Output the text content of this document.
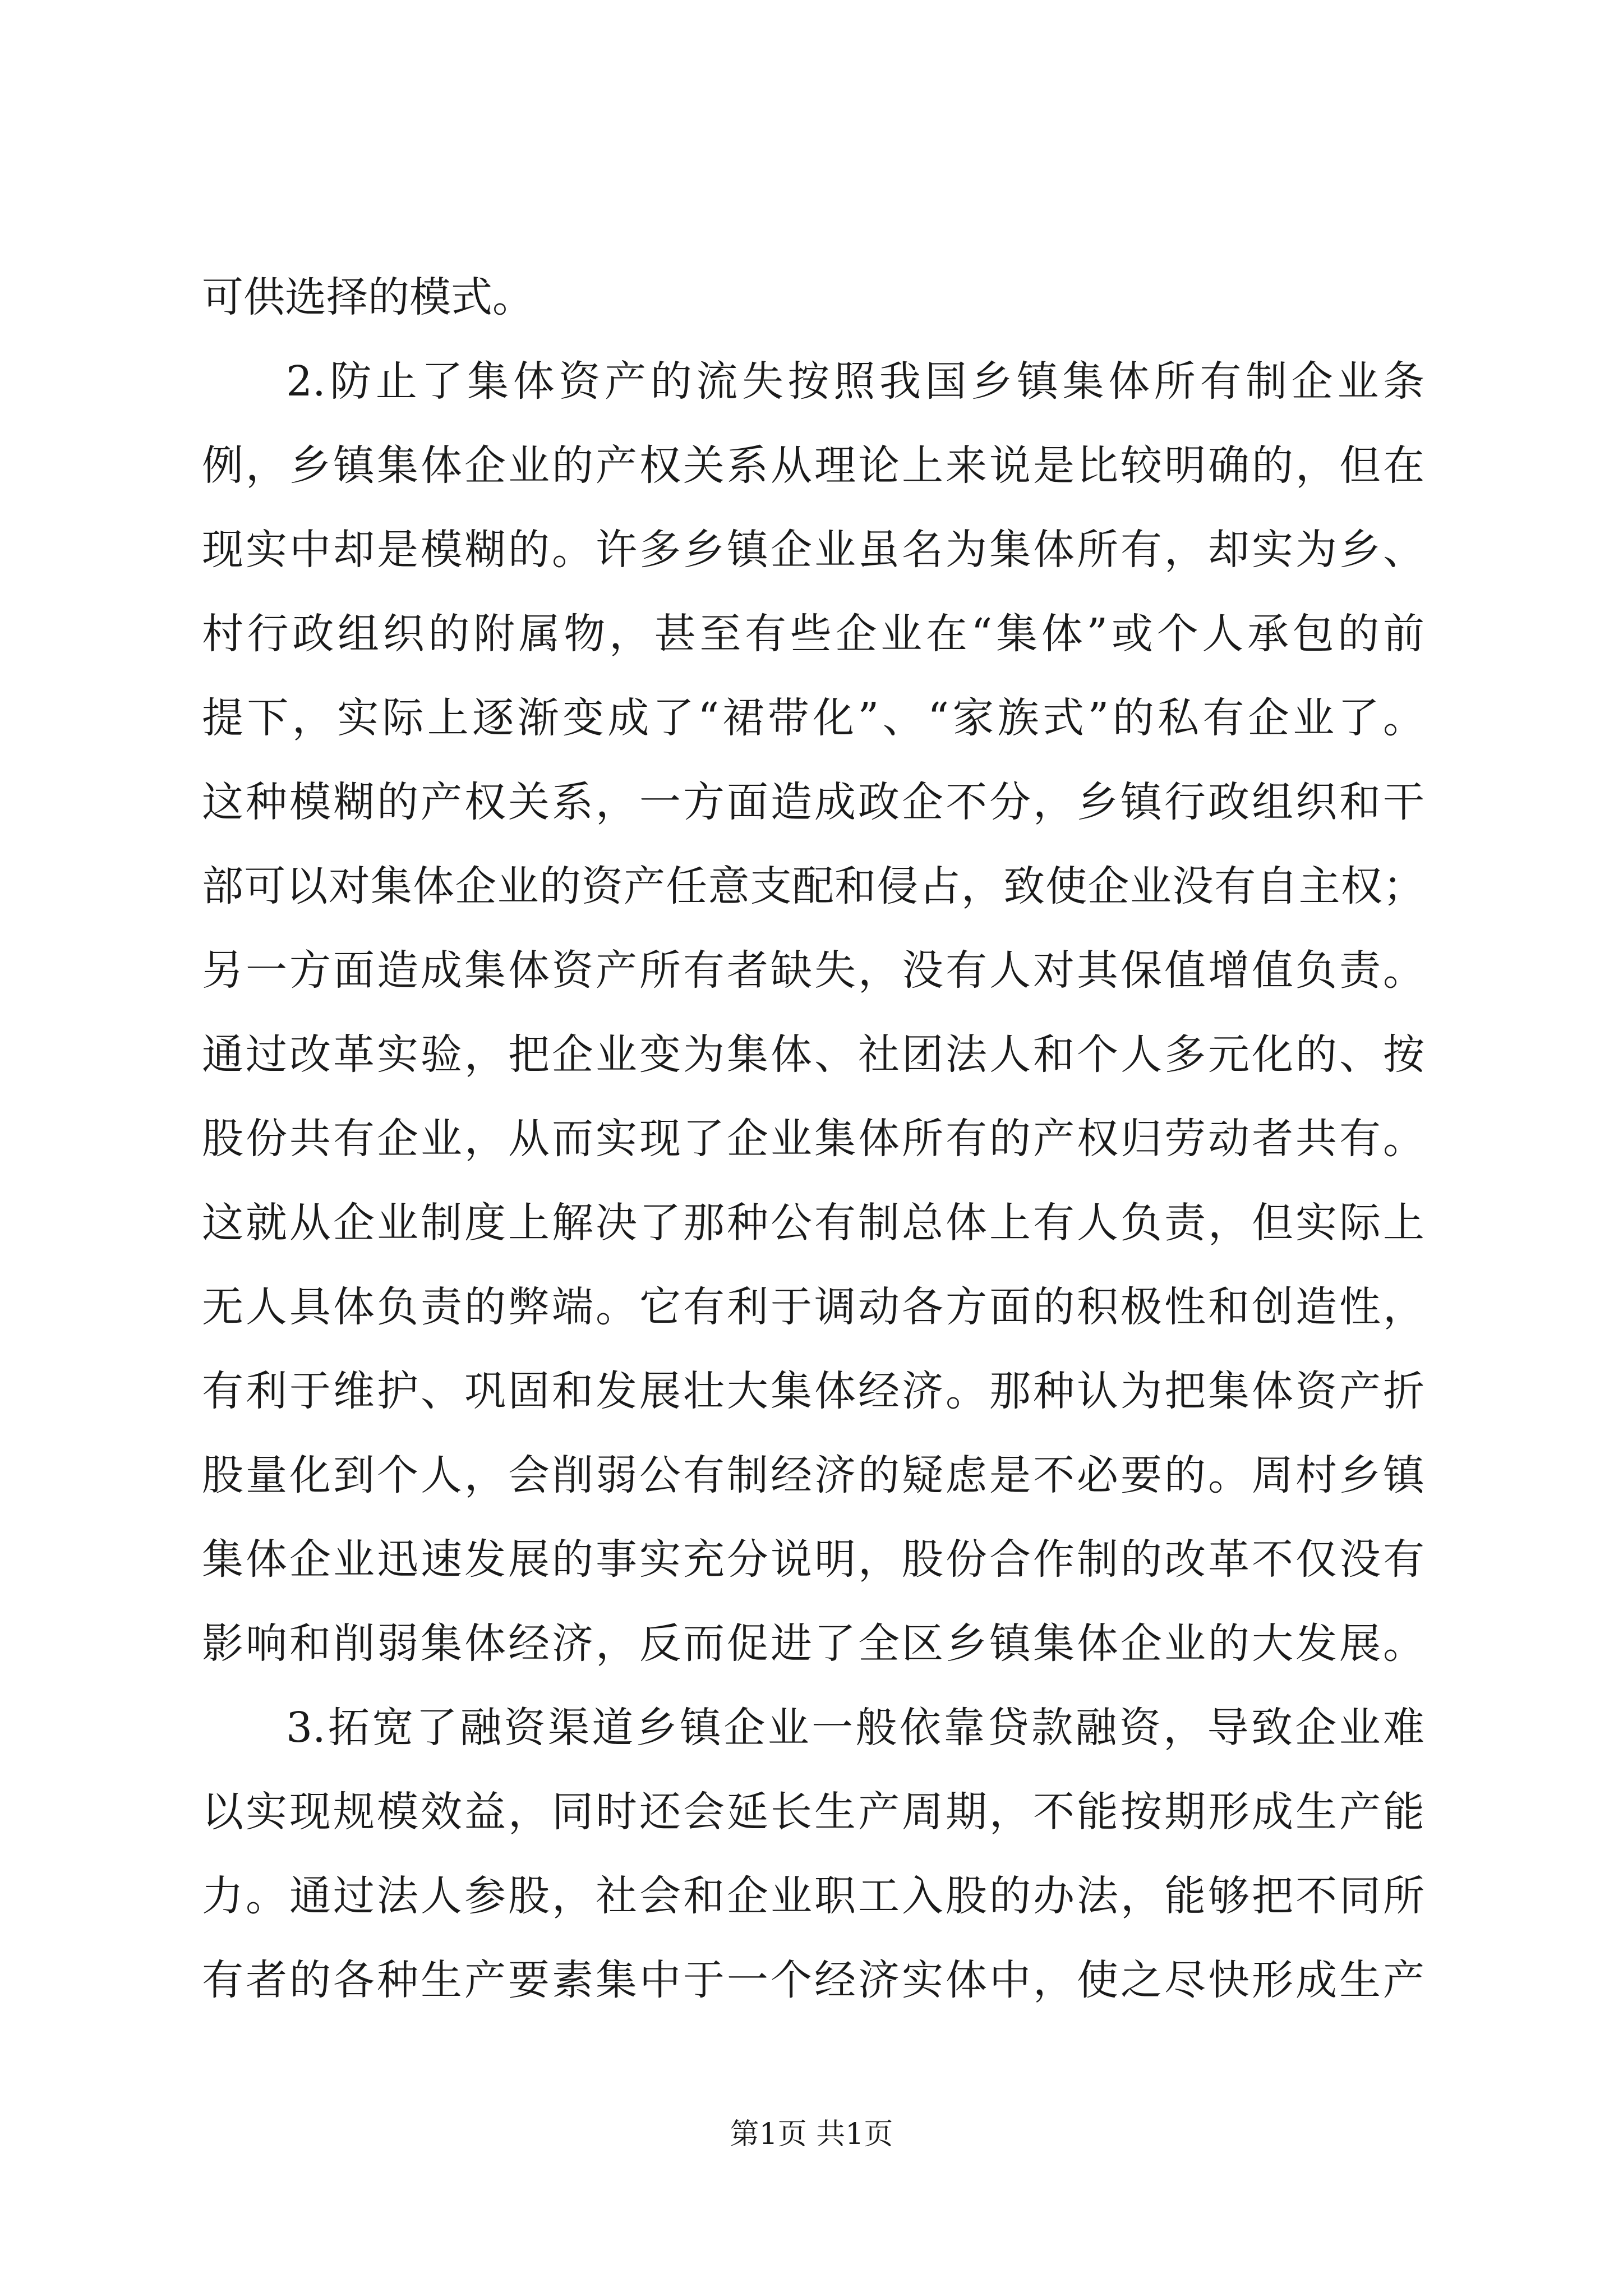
可供选择的模式。
2.防止了集体资产的流失按照我国乡镇集体所有制企业条
例，乡镇集体企业的产权关系从理论上来说是比较明确的，但在
现实中却是模糊的。许多乡镇企业虽名为集体所有，却实为乡、
村行政组织的附属物，甚至有些企业在“集体”或个人承包的前
提下，实际上逐渐变成了“裙带化”、“家族式”的私有企业了。
这种模糊的产权关系，一方面造成政企不分，乡镇行政组织和干
部可以对集体企业的资产任意支配和侵占，致使企业没有自主权；
另一方面造成集体资产所有者缺失，没有人对其保值增值负责。
通过改革实验，把企业变为集体、社团法人和个人多元化的、按
股份共有企业，从而实现了企业集体所有的产权归劳动者共有。
这就从企业制度上解决了那种公有制总体上有人负责，但实际上
无人具体负责的弊端。它有利于调动各方面的积极性和创造性，
有利于维护、巩固和发展壮大集体经济。那种认为把集体资产折
股量化到个人，会削弱公有制经济的疑虑是不必要的。周村乡镇
集体企业迅速发展的事实充分说明，股份合作制的改革不仅没有
影响和削弱集体经济，反而促进了全区乡镇集体企业的大发展。
3.拓宽了融资渠道乡镇企业一般依靠贷款融资，导致企业难
以实现规模效益，同时还会延长生产周期，不能按期形成生产能
力。通过法人参股，社会和企业职工入股的办法，能够把不同所
有者的各种生产要素集中于一个经济实体中，使之尽快形成生产
第1页 共1页
